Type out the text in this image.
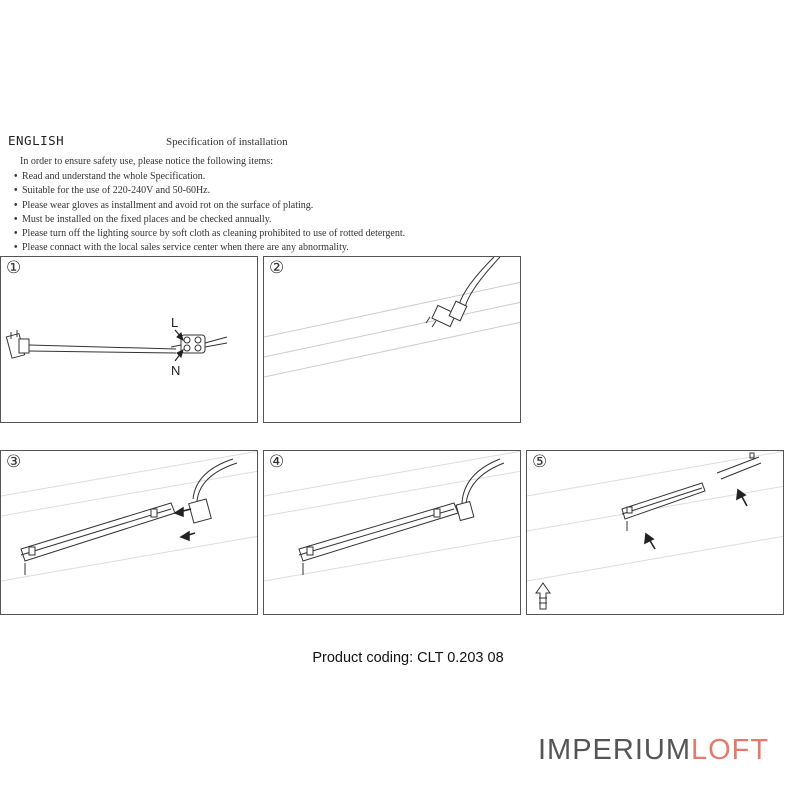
ENGLISH	Specification of installation
In order to ensure safety use, please notice the following items:
• Read and understand the whole Specification.
• Suitable for the use of 220-240V and 50-60Hz.
• Please wear gloves as installment and avoid rot on the surface of plating.
• Must be installed on the fixed places and be checked annually.
• Please turn off the lighting source by soft cloth as cleaning prohibited to use of rotted detergent.
• Please connact with the local sales service center when there are any abnormality.
L
N
①	②
③	④	⑤
Product coding: CLT 0.203 08
IMPERIUMLOFT
